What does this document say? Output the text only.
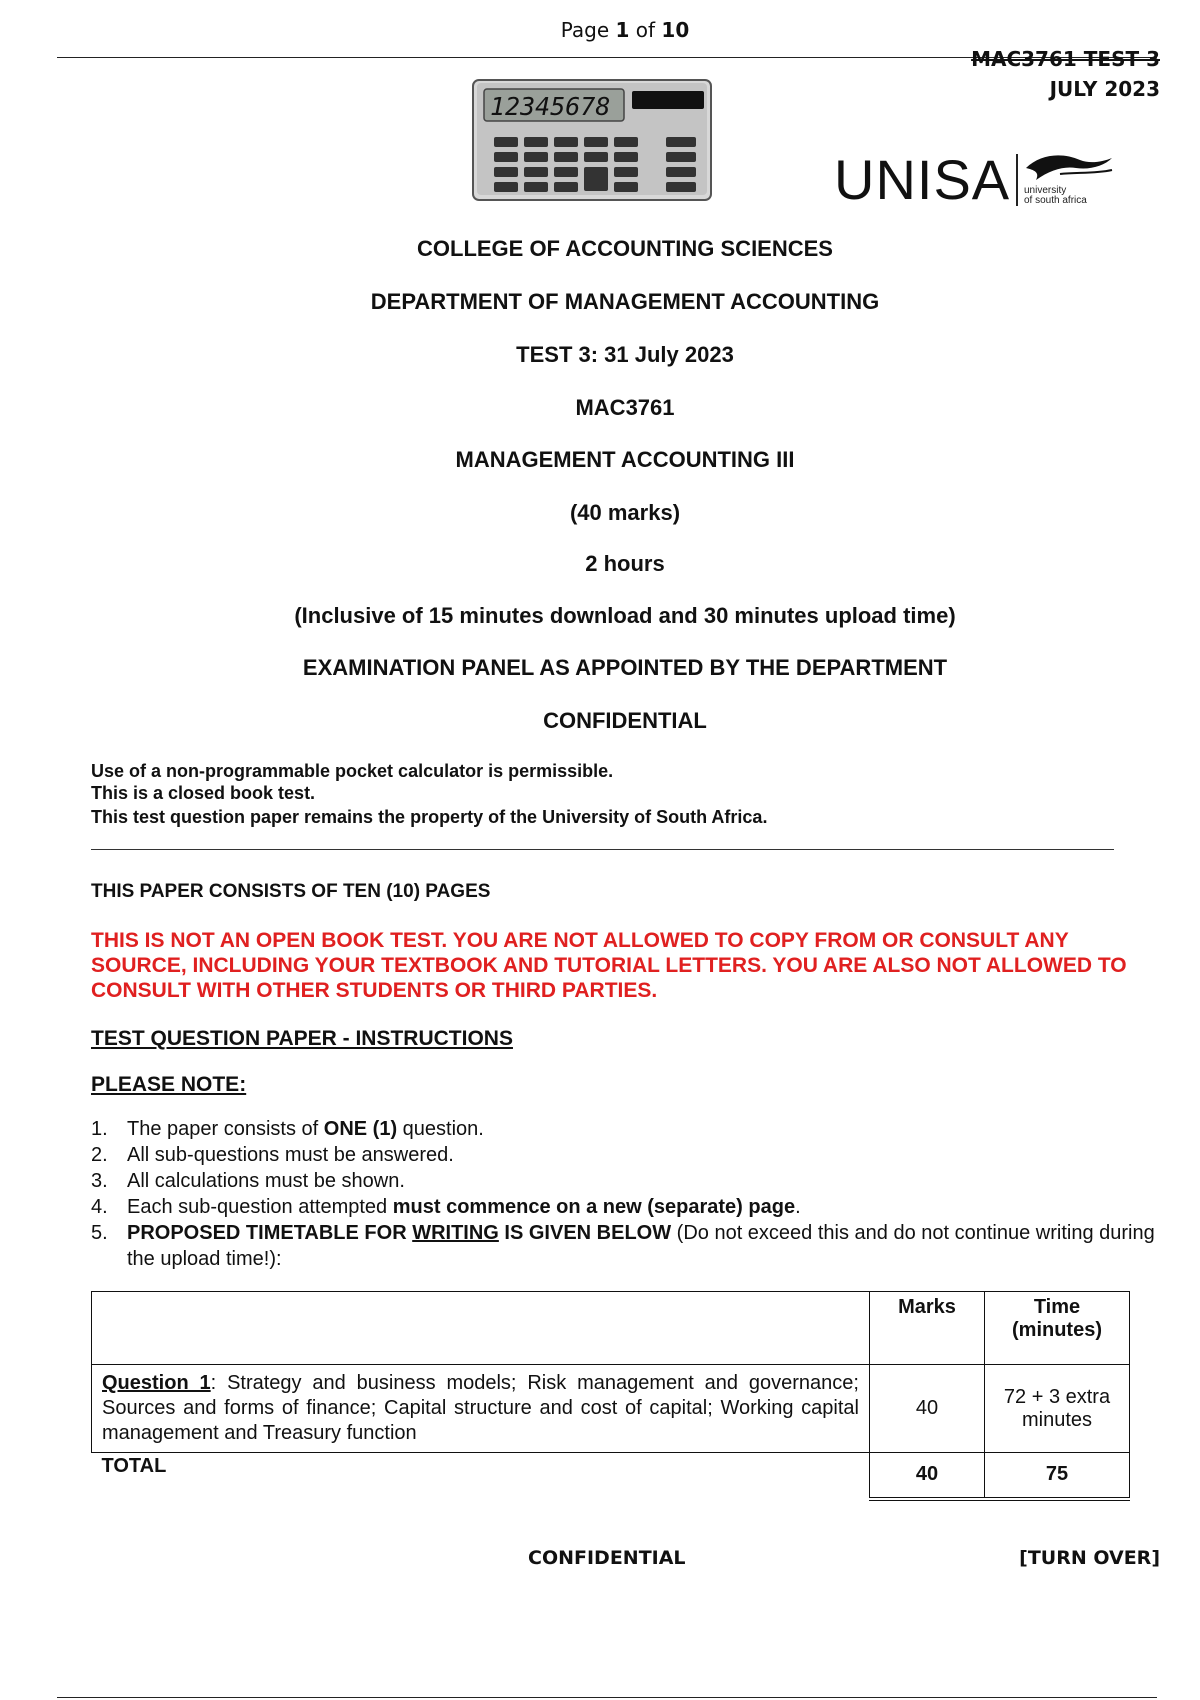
Page 1 of 10
MAC3761 TEST 3
JULY 2023
12345678
UNISA university
of south africa
COLLEGE OF ACCOUNTING SCIENCES
DEPARTMENT OF MANAGEMENT ACCOUNTING
TEST 3: 31 July 2023
MAC3761
MANAGEMENT ACCOUNTING III
(40 marks)
2 hours
(Inclusive of 15 minutes download and 30 minutes upload time)
EXAMINATION PANEL AS APPOINTED BY THE DEPARTMENT
CONFIDENTIAL
Use of a non-programmable pocket calculator is permissible.
This is a closed book test.
This test question paper remains the property of the University of South Africa.
THIS PAPER CONSISTS OF TEN (10) PAGES
THIS IS NOT AN OPEN BOOK TEST. YOU ARE NOT ALLOWED TO COPY FROM OR CONSULT ANY SOURCE, INCLUDING YOUR TEXTBOOK AND TUTORIAL LETTERS. YOU ARE ALSO NOT ALLOWED TO CONSULT WITH OTHER STUDENTS OR THIRD PARTIES.
TEST QUESTION PAPER - INSTRUCTIONS
PLEASE NOTE:
1. The paper consists of ONE (1) question.
2. All sub-questions must be answered.
3. All calculations must be shown.
4. Each sub-question attempted must commence on a new (separate) page.
5. PROPOSED TIMETABLE FOR WRITING IS GIVEN BELOW (Do not exceed this and do not continue writing during the upload time!):
	Marks	Time (minutes)
Question 1: Strategy and business models; Risk management and governance; Sources and forms of finance; Capital structure and cost of capital; Working capital management and Treasury function	40	72 + 3 extra minutes
TOTAL	40	75
CONFIDENTIAL	[TURN OVER]
